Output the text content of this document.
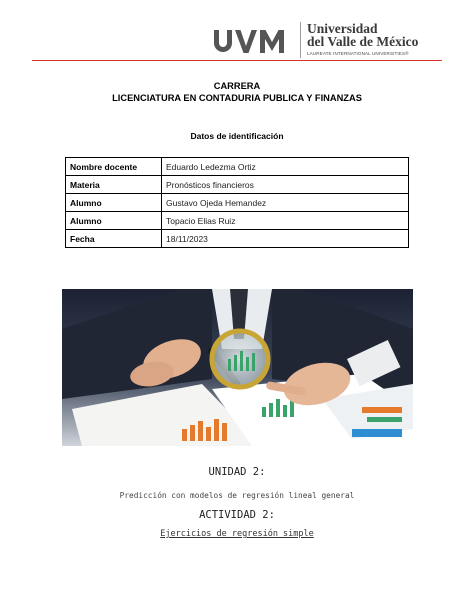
Universidad
del Valle de México
LAUREATE INTERNATIONAL UNIVERSITIES®
CARRERA
LICENCIATURA EN CONTADURIA PUBLICA Y FINANZAS
Datos de identificación
Nombre docente	Eduardo Ledezma Ortiz
Materia	Pronósticos financieros
Alumno	Gustavo Ojeda Hemandez
Alumno	Topacio Elias Ruiz
Fecha	18/11/2023
UNIDAD 2:
Predicción con modelos de regresión lineal general
ACTIVIDAD 2:
Ejercicios de regresión simple
